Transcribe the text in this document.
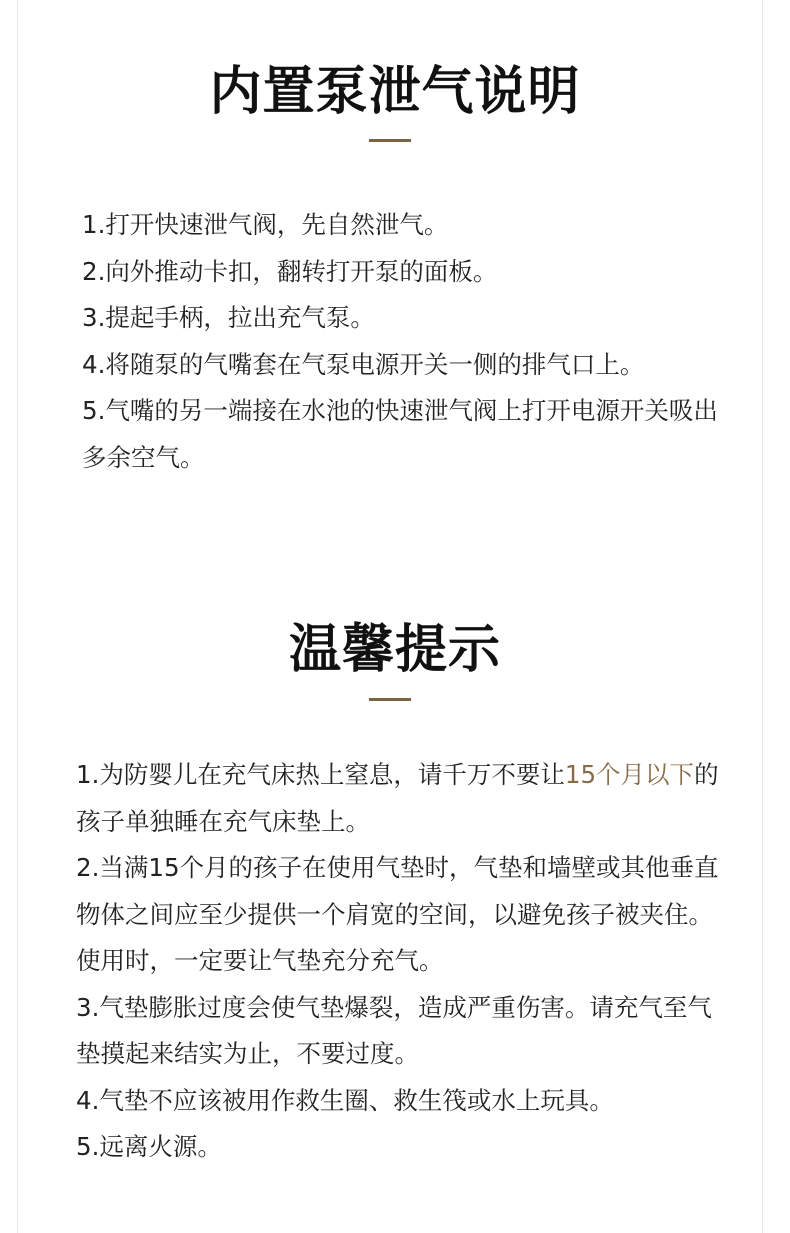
内置泵泄气说明
1.打开快速泄气阀，先自然泄气。
2.向外推动卡扣，翻转打开泵的面板。
3.提起手柄，拉出充气泵。
4.将随泵的气嘴套在气泵电源开关一侧的排气口上。
5.气嘴的另一端接在水池的快速泄气阀上打开电源开关吸出多余空气。
温馨提示
1.为防婴儿在充气床热上窒息，请千万不要让15个月以下的孩子单独睡在充气床垫上。
2.当满15个月的孩子在使用气垫时，气垫和墙壁或其他垂直物体之间应至少提供一个肩宽的空间，以避免孩子被夹住。使用时，一定要让气垫充分充气。
3.气垫膨胀过度会使气垫爆裂，造成严重伤害。请充气至气垫摸起来结实为止，不要过度。
4.气垫不应该被用作救生圈、救生筏或水上玩具。
5.远离火源。
